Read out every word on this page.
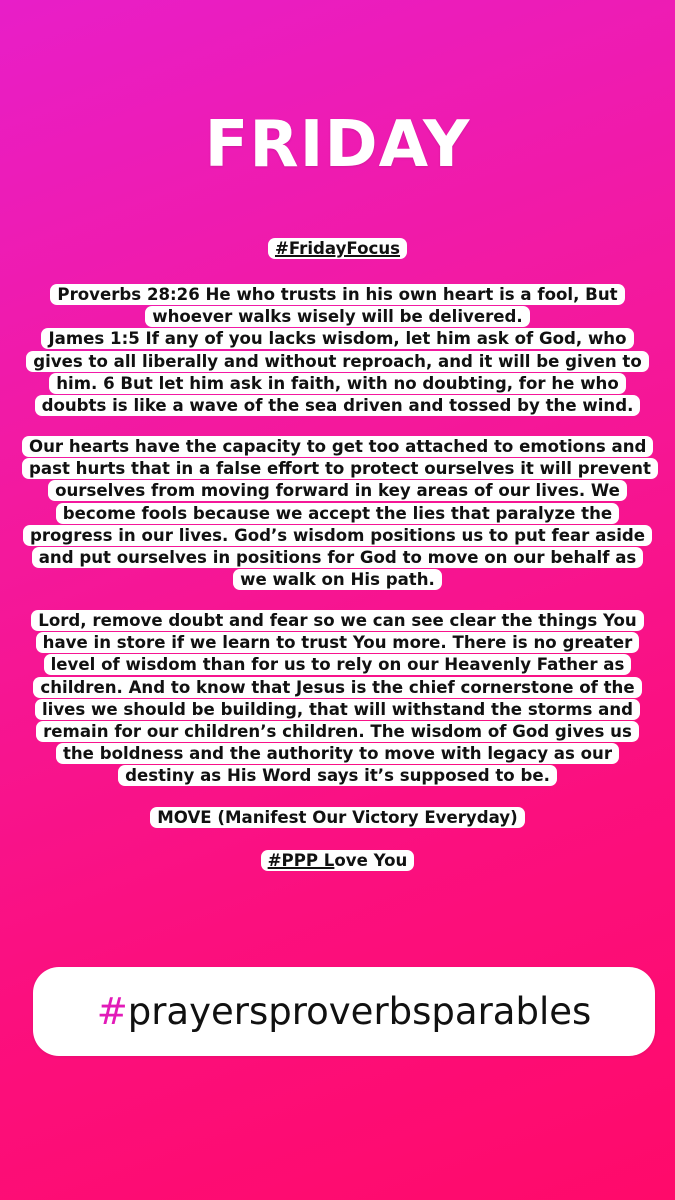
FRIDAY
#FridayFocus
Proverbs 28:26 He who trusts in his own heart is a fool, But whoever walks wisely will be delivered.
James 1:5 If any of you lacks wisdom, let him ask of God, who gives to all liberally and without reproach, and it will be given to him. 6 But let him ask in faith, with no doubting, for he who doubts is like a wave of the sea driven and tossed by the wind.
Our hearts have the capacity to get too attached to emotions and past hurts that in a false effort to protect ourselves it will prevent ourselves from moving forward in key areas of our lives. We become fools because we accept the lies that paralyze the progress in our lives. God’s wisdom positions us to put fear aside and put ourselves in positions for God to move on our behalf as we walk on His path.
Lord, remove doubt and fear so we can see clear the things You have in store if we learn to trust You more. There is no greater level of wisdom than for us to rely on our Heavenly Father as children. And to know that Jesus is the chief cornerstone of the lives we should be building, that will withstand the storms and remain for our children’s children. The wisdom of God gives us the boldness and the authority to move with legacy as our destiny as His Word says it’s supposed to be.
MOVE (Manifest Our Victory Everyday)
#PPP Love You
# prayersproverbsparables
